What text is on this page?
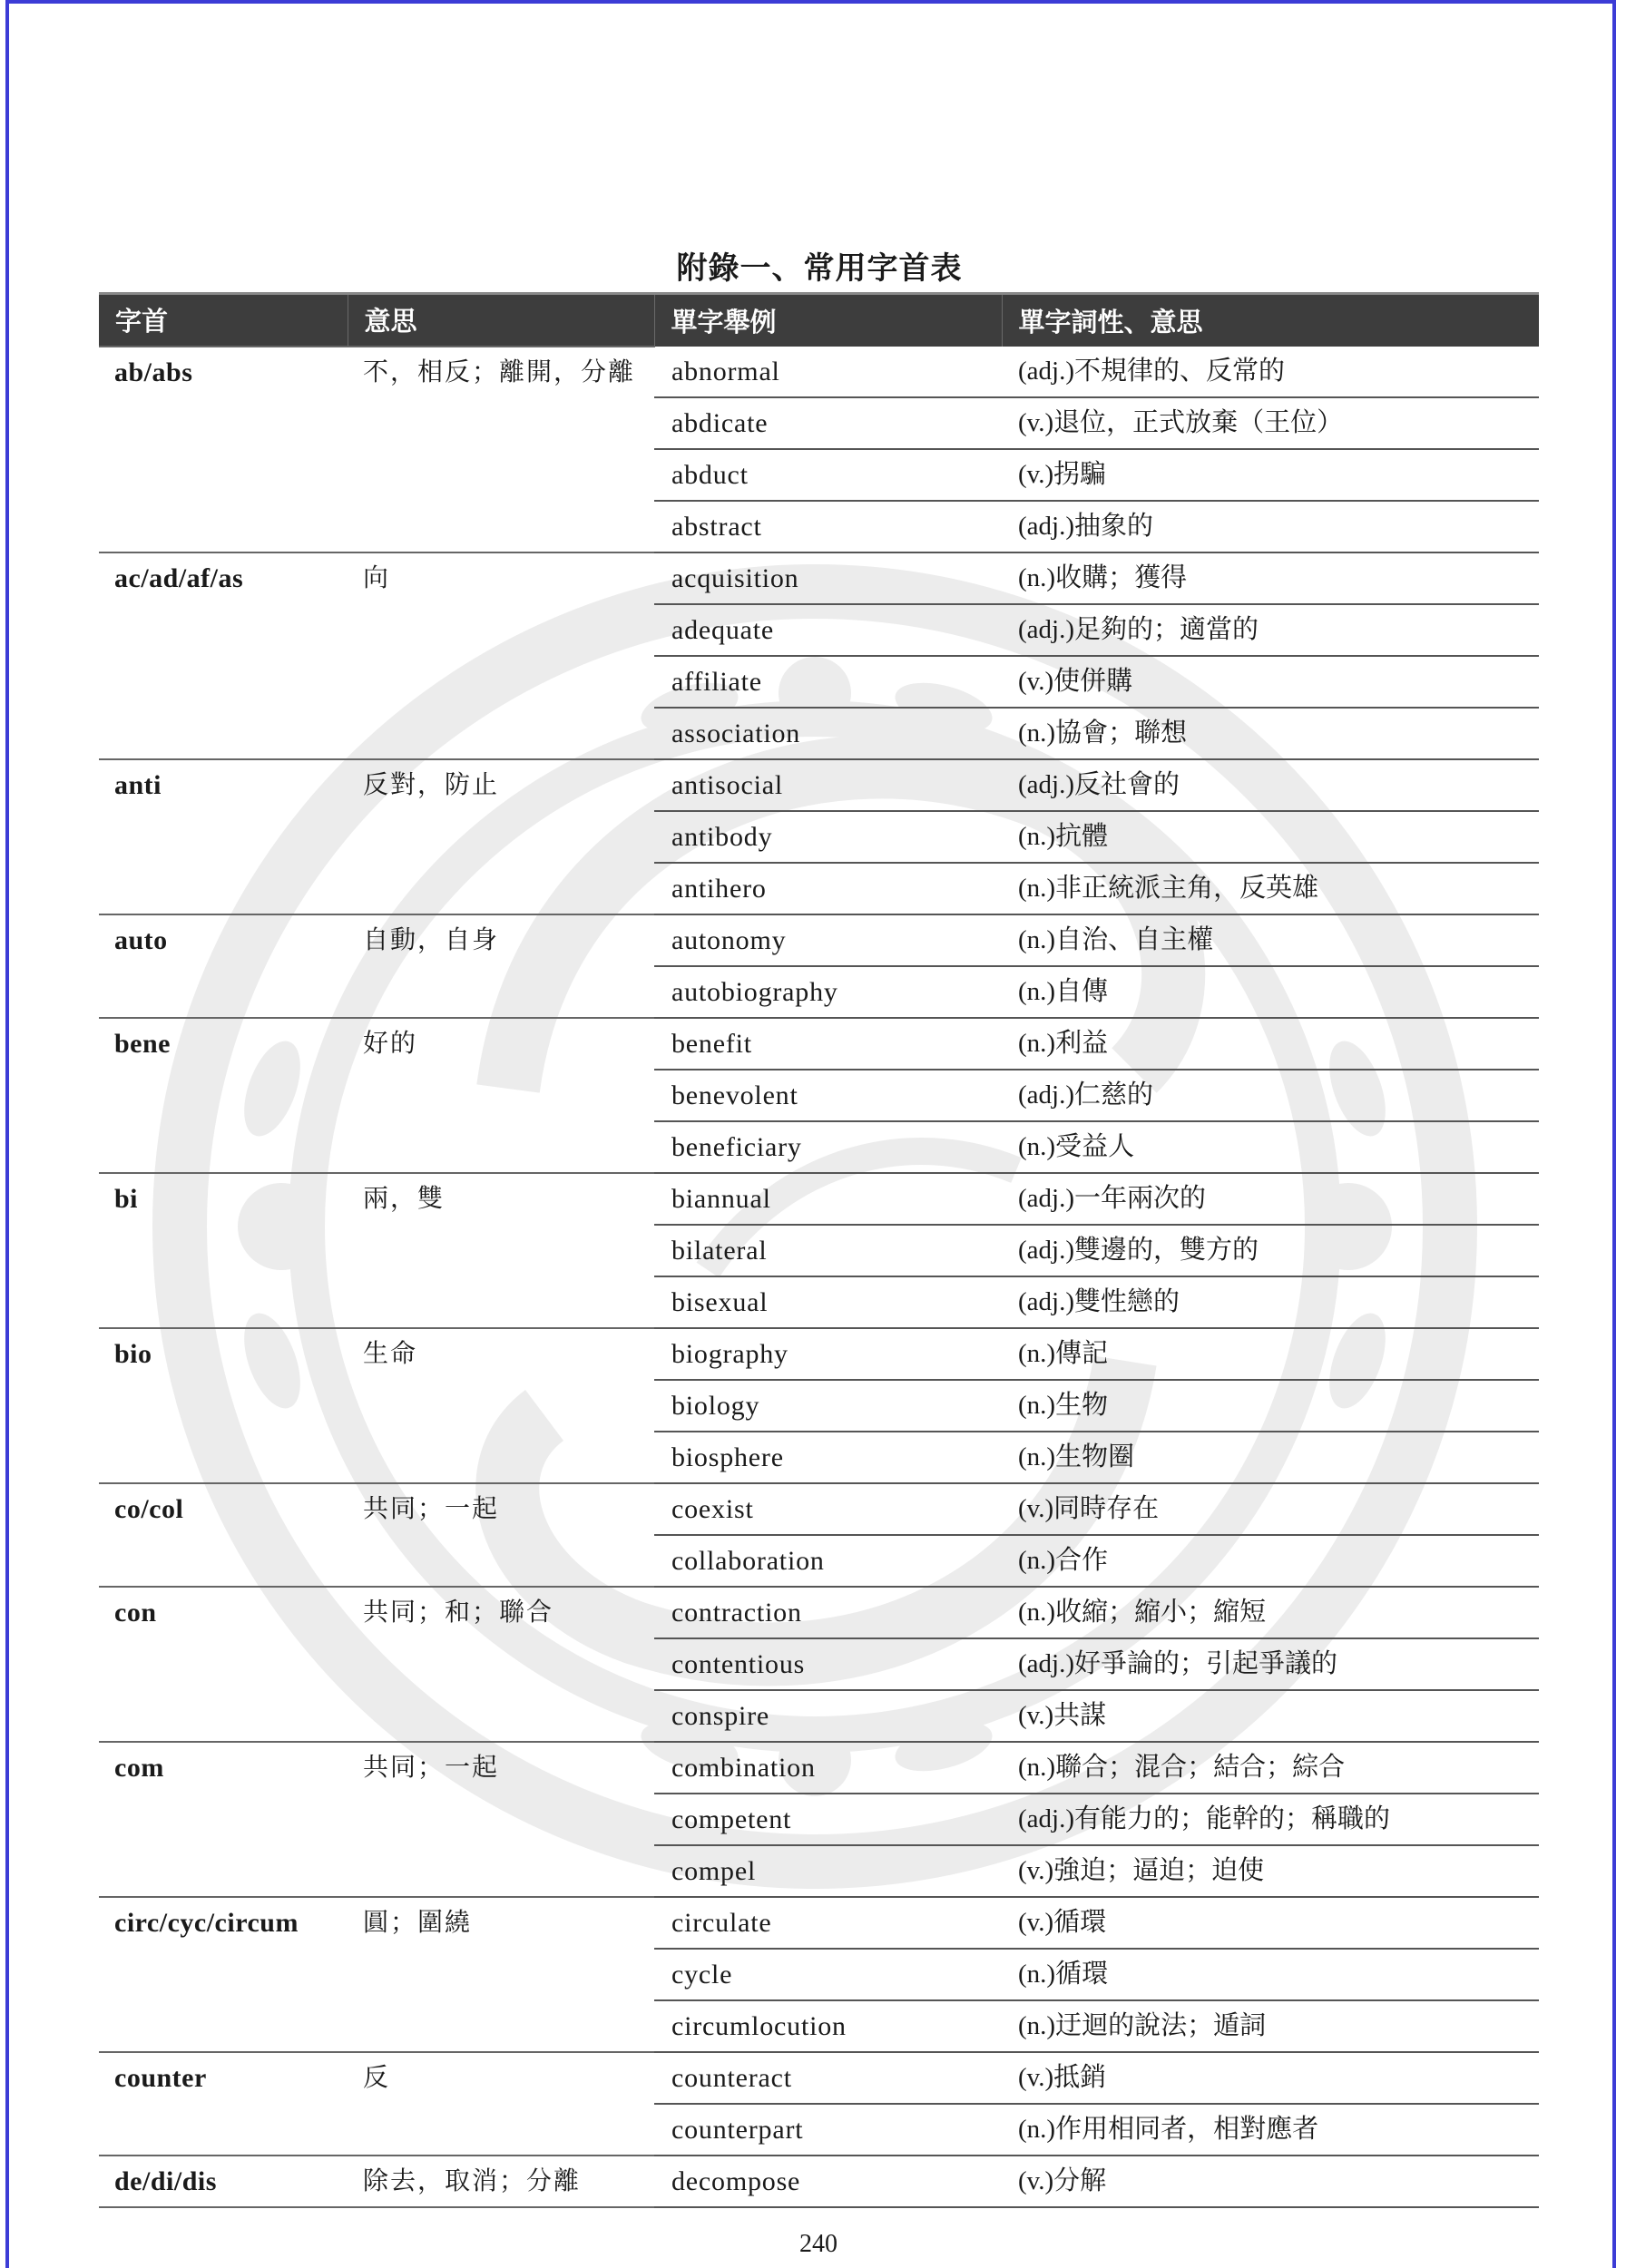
附錄一、常用字首表
字首	意思	單字舉例	單字詞性、意思
ab/abs	不，相反；離開，分離	abnormal	(adj.)不規律的、反常的
		abdicate	(v.)退位，正式放棄（王位）
		abduct	(v.)拐騙
		abstract	(adj.)抽象的
ac/ad/af/as	向	acquisition	(n.)收購；獲得
		adequate	(adj.)足夠的；適當的
		affiliate	(v.)使併購
		association	(n.)協會；聯想
anti	反對，防止	antisocial	(adj.)反社會的
		antibody	(n.)抗體
		antihero	(n.)非正統派主角，反英雄
auto	自動，自身	autonomy	(n.)自治、自主權
		autobiography	(n.)自傳
bene	好的	benefit	(n.)利益
		benevolent	(adj.)仁慈的
		beneficiary	(n.)受益人
bi	兩，雙	biannual	(adj.)一年兩次的
		bilateral	(adj.)雙邊的，雙方的
		bisexual	(adj.)雙性戀的
bio	生命	biography	(n.)傳記
		biology	(n.)生物
		biosphere	(n.)生物圈
co/col	共同；一起	coexist	(v.)同時存在
		collaboration	(n.)合作
con	共同；和；聯合	contraction	(n.)收縮；縮小；縮短
		contentious	(adj.)好爭論的；引起爭議的
		conspire	(v.)共謀
com	共同；一起	combination	(n.)聯合；混合；結合；綜合
		competent	(adj.)有能力的；能幹的；稱職的
		compel	(v.)強迫；逼迫；迫使
circ/cyc/circum	圓；圍繞	circulate	(v.)循環
		cycle	(n.)循環
		circumlocution	(n.)迂迴的說法；遁詞
counter	反	counteract	(v.)抵銷
		counterpart	(n.)作用相同者，相對應者
de/di/dis	除去，取消；分離	decompose	(v.)分解
240
